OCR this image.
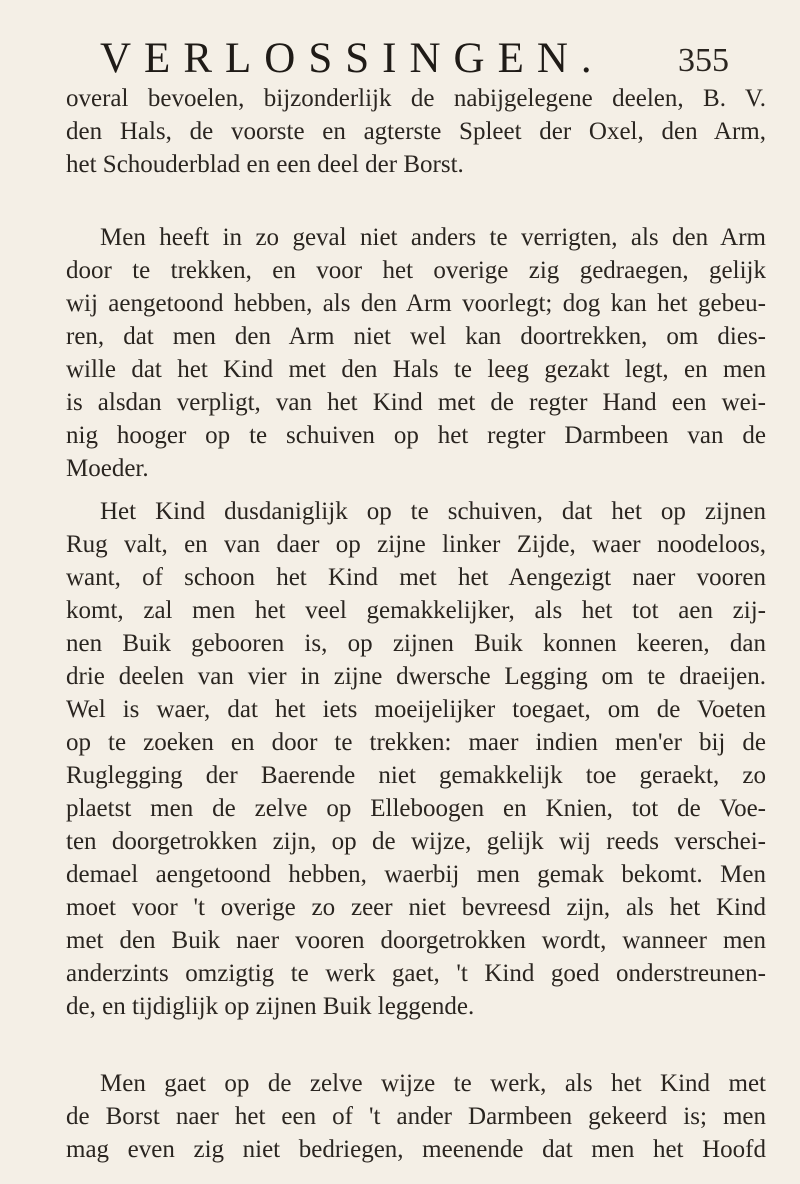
VERLOSSINGEN. 355
overal bevoelen, bijzonderlijk de nabijgelegene deelen, B. V.
den Hals, de voorste en agterste Spleet der Oxel, den Arm,
het Schouderblad en een deel der Borst.
Men heeft in zo geval niet anders te verrigten, als den Arm
door te trekken, en voor het overige zig gedraegen, gelijk
wij aengetoond hebben, als den Arm voorlegt; dog kan het gebeu-
ren, dat men den Arm niet wel kan doortrekken, om dies-
wille dat het Kind met den Hals te leeg gezakt legt, en men
is alsdan verpligt, van het Kind met de regter Hand een wei-
nig hooger op te schuiven op het regter Darmbeen van de
Moeder.
Het Kind dusdaniglijk op te schuiven, dat het op zijnen
Rug valt, en van daer op zijne linker Zijde, waer noodeloos,
want, of schoon het Kind met het Aengezigt naer vooren
komt, zal men het veel gemakkelijker, als het tot aen zij-
nen Buik gebooren is, op zijnen Buik konnen keeren, dan
drie deelen van vier in zijne dwersche Legging om te draeijen.
Wel is waer, dat het iets moeijelijker toegaet, om de Voeten
op te zoeken en door te trekken: maer indien men'er bij de
Ruglegging der Baerende niet gemakkelijk toe geraekt, zo
plaetst men de zelve op Elleboogen en Knien, tot de Voe-
ten doorgetrokken zijn, op de wijze, gelijk wij reeds verschei-
demael aengetoond hebben, waerbij men gemak bekomt. Men
moet voor 't overige zo zeer niet bevreesd zijn, als het Kind
met den Buik naer vooren doorgetrokken wordt, wanneer men
anderzints omzigtig te werk gaet, 't Kind goed onderstreunen-
de, en tijdiglijk op zijnen Buik leggende.
Men gaet op de zelve wijze te werk, als het Kind met
de Borst naer het een of 't ander Darmbeen gekeerd is; men
mag even zig niet bedriegen, meenende dat men het Hoofd
